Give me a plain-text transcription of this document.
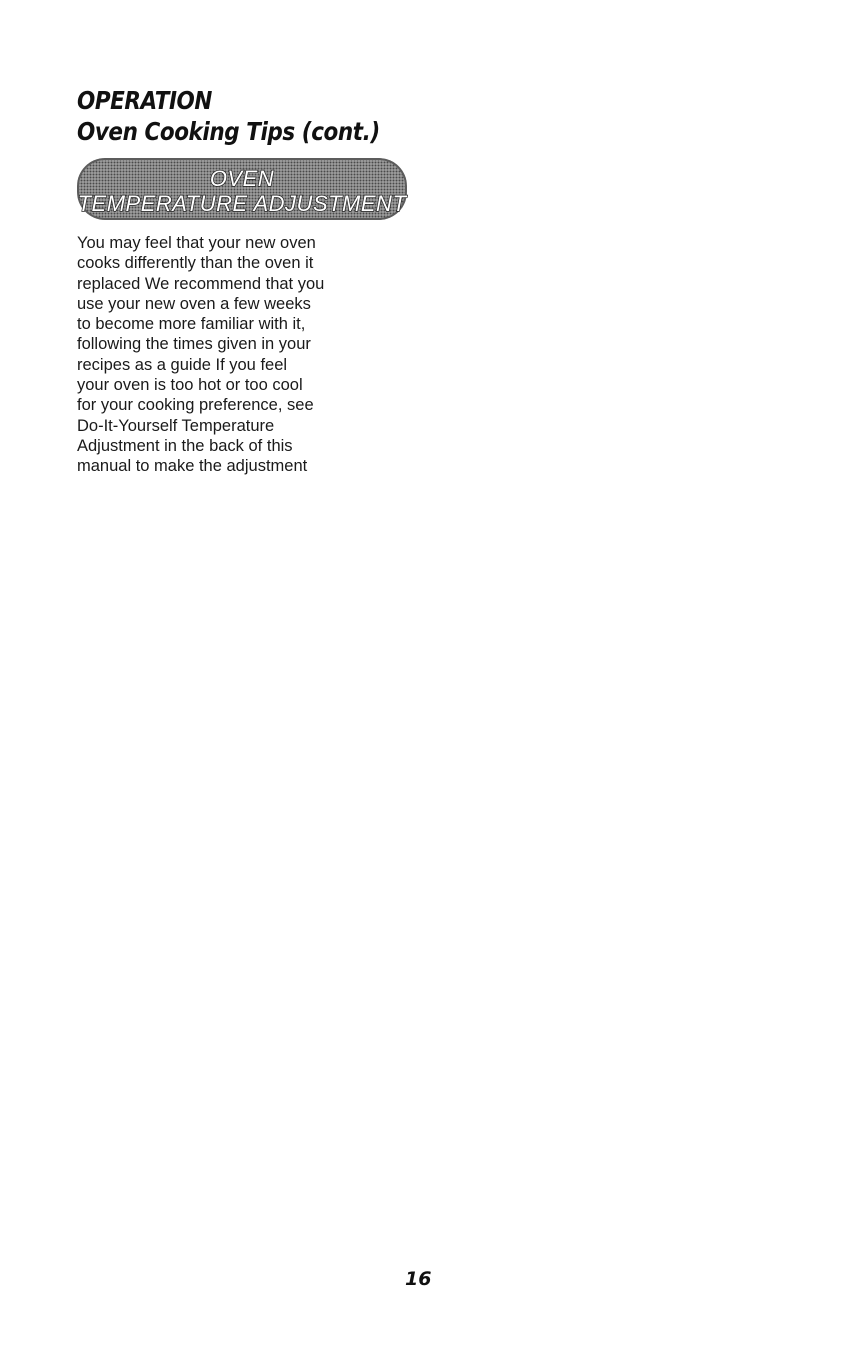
OPERATION
Oven Cooking Tips (cont.)

OVEN

TEMPERATURE ADJUSTMENT

You may feel that your new oven
cooks differently than the oven it
replaced We recommend that you
use your new oven a few weeks
to become more familiar with it,
following the times given in your
recipes as a guide If you feel
your oven is too hot or too cool
for your cooking preference, see
Do-It-Yourself Temperature
Adjustment in the back of this
manual to make the adjustment

16
